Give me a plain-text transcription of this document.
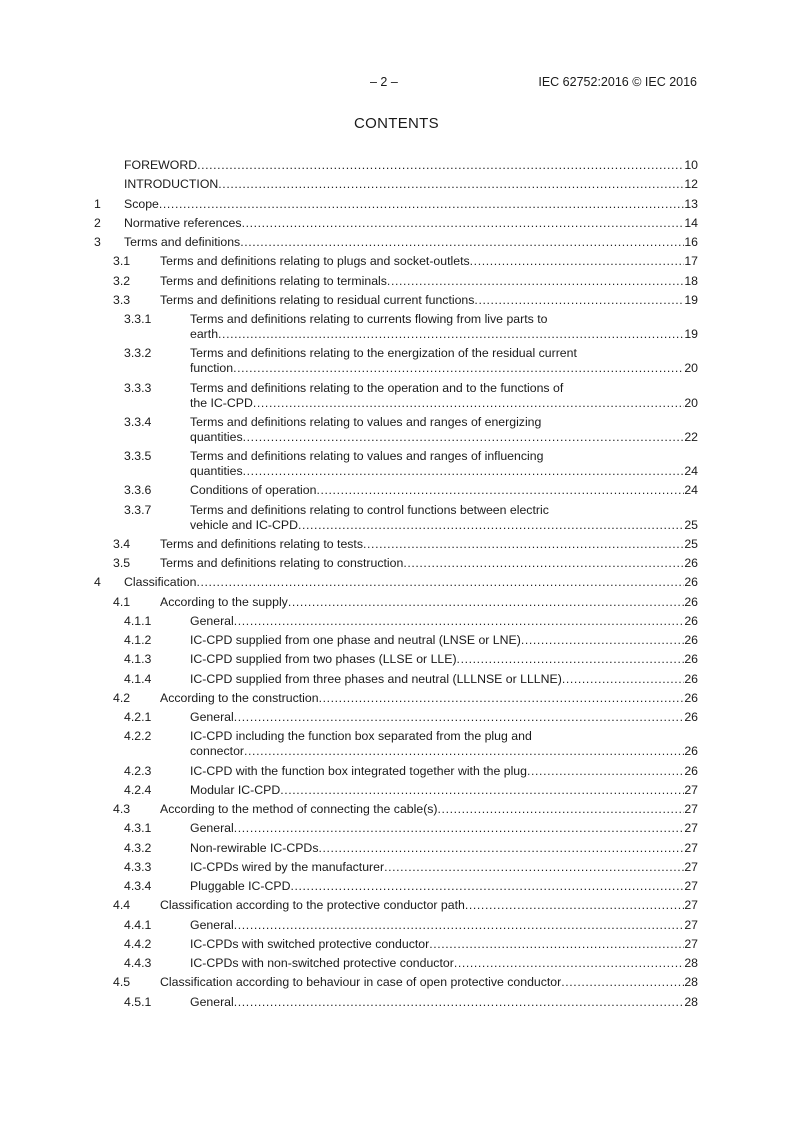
– 2 –	IEC 62752:2016 © IEC 2016
CONTENTS
FOREWORD .....	10
INTRODUCTION .....	12
1	Scope .....	13
2	Normative references .....	14
3	Terms and definitions .....	16
3.1	Terms and definitions relating to plugs and socket-outlets .....	17
3.2	Terms and definitions relating to terminals .....	18
3.3	Terms and definitions relating to residual current functions .....	19
3.3.1	Terms and definitions relating to currents flowing from live parts to
earth .....	19
3.3.2	Terms and definitions relating to the energization of the residual current
function .....	20
3.3.3	Terms and definitions relating to the operation and to the functions of
the IC-CPD .....	20
3.3.4	Terms and definitions relating to values and ranges of energizing
quantities .....	22
3.3.5	Terms and definitions relating to values and ranges of influencing
quantities .....	24
3.3.6	Conditions of operation .....	24
3.3.7	Terms and definitions relating to control functions between electric
vehicle and IC-CPD .....	25
3.4	Terms and definitions relating to tests .....	25
3.5	Terms and definitions relating to construction .....	26
4	Classification .....	26
4.1	According to the supply .....	26
4.1.1	General .....	26
4.1.2	IC-CPD supplied from one phase and neutral (LNSE or LNE) .....	26
4.1.3	IC-CPD supplied from two phases (LLSE or LLE) .....	26
4.1.4	IC-CPD supplied from three phases and neutral (LLLNSE or LLLNE) .....	26
4.2	According to the construction .....	26
4.2.1	General .....	26
4.2.2	IC-CPD including the function box separated from the plug and
connector .....	26
4.2.3	IC-CPD with the function box integrated together with the plug .....	26
4.2.4	Modular IC-CPD .....	27
4.3	According to the method of connecting the cable(s) .....	27
4.3.1	General .....	27
4.3.2	Non-rewirable IC-CPDs .....	27
4.3.3	IC-CPDs wired by the manufacturer .....	27
4.3.4	Pluggable IC-CPD .....	27
4.4	Classification according to the protective conductor path .....	27
4.4.1	General .....	27
4.4.2	IC-CPDs with switched protective conductor .....	27
4.4.3	IC-CPDs with non-switched protective conductor .....	28
4.5	Classification according to behaviour in case of open protective conductor .....	28
4.5.1	General .....	28
